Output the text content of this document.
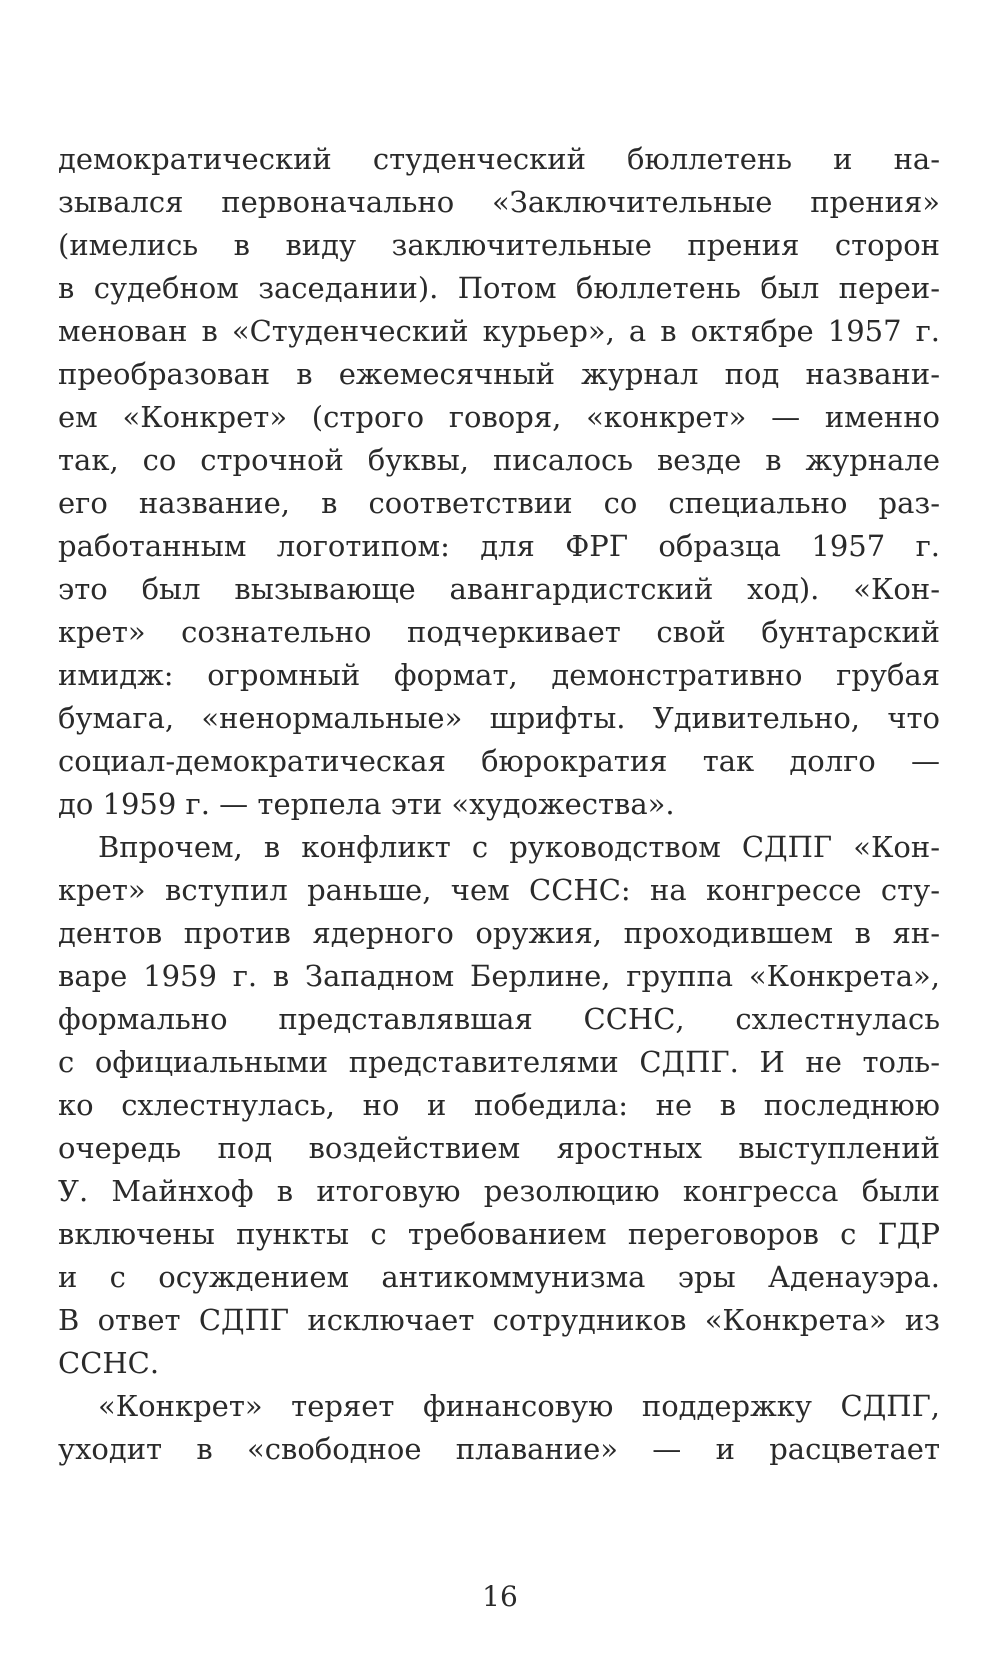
демократический студенческий бюллетень и на-
зывался первоначально «Заключительные прения»
(имелись в виду заключительные прения сторон
в судебном заседании). Потом бюллетень был переи-
менован в «Студенческий курьер», а в октябре 1957 г.
преобразован в ежемесячный журнал под названи-
ем «Конкрет» (строго говоря, «конкрет» — именно
так, со строчной буквы, писалось везде в журнале
его название, в соответствии со специально раз-
работанным логотипом: для ФРГ образца 1957 г.
это был вызывающе авангардистский ход). «Кон-
крет» сознательно подчеркивает свой бунтарский
имидж: огромный формат, демонстративно грубая
бумага, «ненормальные» шрифты. Удивительно, что
социал-демократическая бюрократия так долго —
до 1959 г. — терпела эти «художества».
Впрочем, в конфликт с руководством СДПГ «Кон-
крет» вступил раньше, чем ССНС: на конгрессе сту-
дентов против ядерного оружия, проходившем в ян-
варе 1959 г. в Западном Берлине, группа «Конкрета»,
формально представлявшая ССНС, схлестнулась
с официальными представителями СДПГ. И не толь-
ко схлестнулась, но и победила: не в последнюю
очередь под воздействием яростных выступлений
У. Майнхоф в итоговую резолюцию конгресса были
включены пункты с требованием переговоров с ГДР
и с осуждением антикоммунизма эры Аденауэра.
В ответ СДПГ исключает сотрудников «Конкрета» из
ССНС.
«Конкрет» теряет финансовую поддержку СДПГ,
уходит в «свободное плавание» — и расцветает
16
